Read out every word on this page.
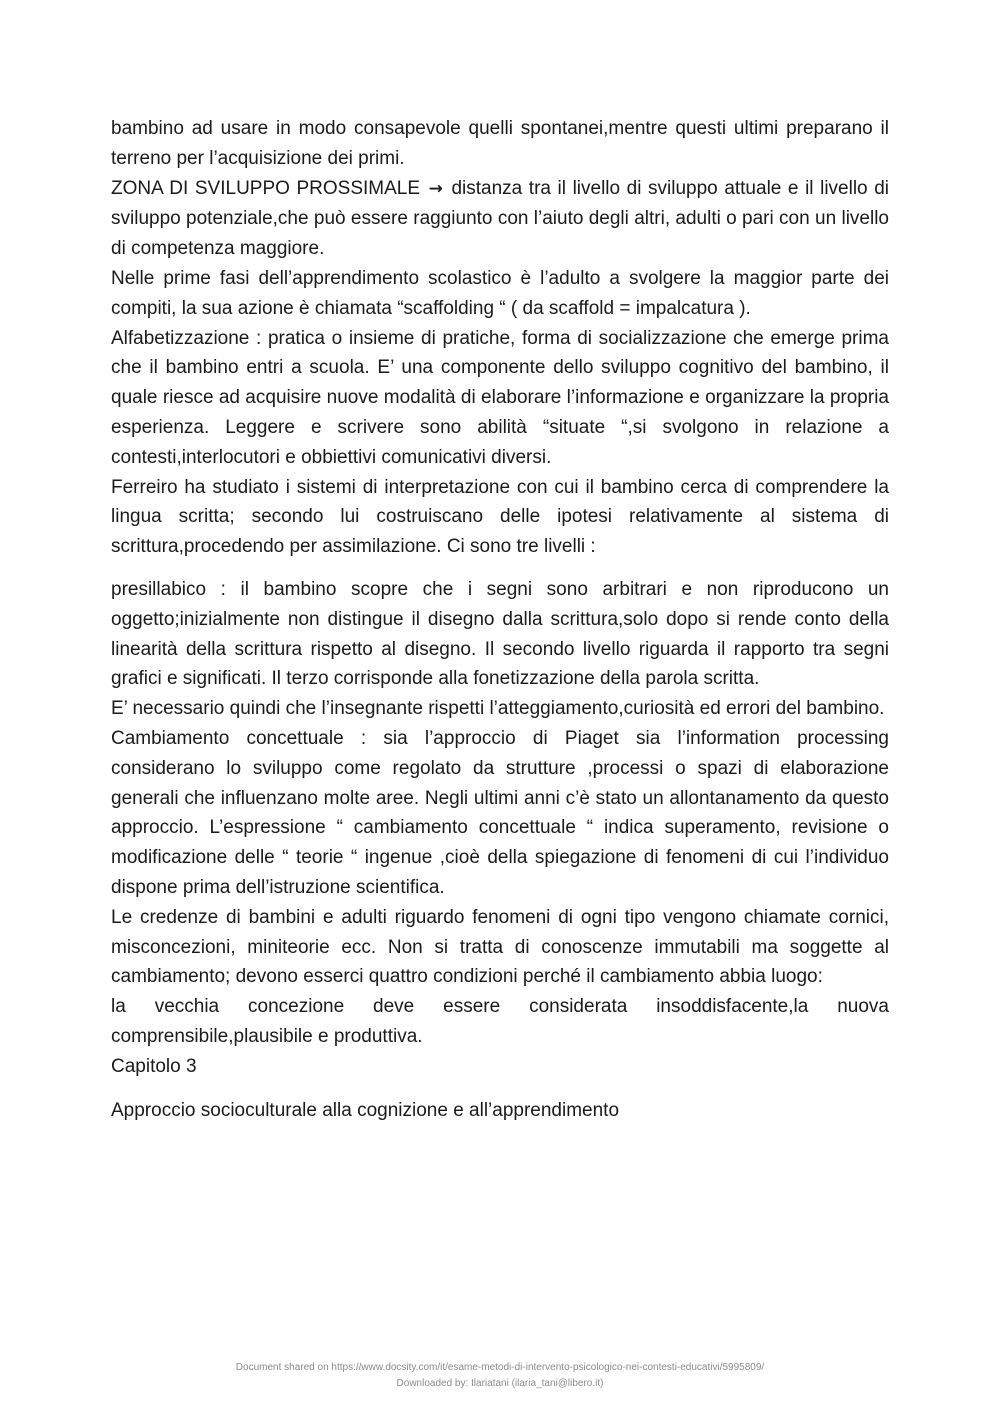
bambino ad usare in modo consapevole quelli spontanei,mentre questi ultimi preparano il terreno per l’acquisizione dei primi.

ZONA DI SVILUPPO PROSSIMALE → distanza tra il livello di sviluppo attuale e il livello di sviluppo potenziale,che può essere raggiunto con l’aiuto degli altri, adulti o pari con un livello di competenza maggiore.

Nelle prime fasi dell’apprendimento scolastico è l’adulto a svolgere la maggior parte dei compiti, la sua azione è chiamata “scaffolding “ ( da scaffold = impalcatura ).

Alfabetizzazione : pratica o insieme di pratiche, forma di socializzazione che emerge prima che il bambino entri a scuola. E’ una componente dello sviluppo cognitivo del bambino, il quale riesce ad acquisire nuove modalità di elaborare l’informazione e organizzare la propria esperienza. Leggere e scrivere sono abilità “situate “,si svolgono in relazione a contesti,interlocutori e obbiettivi comunicativi diversi.

Ferreiro ha studiato i sistemi di interpretazione con cui il bambino cerca di comprendere la lingua scritta; secondo lui costruiscano delle ipotesi relativamente al sistema di scrittura,procedendo per assimilazione. Ci sono tre livelli :

presillabico : il bambino scopre che i segni sono arbitrari e non riproducono un oggetto;inizialmente non distingue il disegno dalla scrittura,solo dopo si rende conto della linearità della scrittura rispetto al disegno. Il secondo livello riguarda il rapporto tra segni grafici e significati. Il terzo corrisponde alla fonetizzazione della parola scritta.

E’ necessario quindi che l’insegnante rispetti l’atteggiamento,curiosità ed errori del bambino.

Cambiamento concettuale : sia l’approccio di Piaget sia l’information processing considerano lo sviluppo come regolato da strutture ,processi o spazi di elaborazione generali che influenzano molte aree. Negli ultimi anni c’è stato un allontanamento da questo approccio. L’espressione “ cambiamento concettuale “ indica superamento, revisione o modificazione delle “ teorie “ ingenue ,cioè della spiegazione di fenomeni di cui l’individuo dispone prima dell’istruzione scientifica.

Le credenze di bambini e adulti riguardo fenomeni di ogni tipo vengono chiamate cornici, misconcezioni, miniteorie ecc. Non si tratta di conoscenze immutabili ma soggette al cambiamento; devono esserci quattro condizioni perché il cambiamento abbia luogo:

la vecchia concezione deve essere considerata insoddisfacente,la nuova comprensibile,plausibile e produttiva.

Capitolo 3

Approccio socioculturale alla cognizione e all’apprendimento

Document shared on https://www.docsity.com/it/esame-metodi-di-intervento-psicologico-nei-contesti-educativi/5995809/

Downloaded by: Ilariatani (ilaria_tani@libero.it)
